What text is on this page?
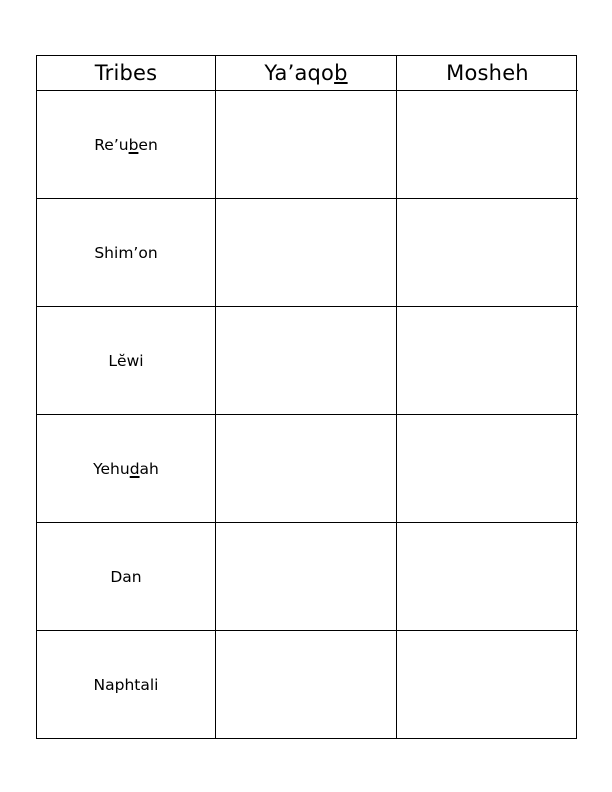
Tribes	Ya’aqob	Mosheh
Re’uben
Shim’on
Lĕwi
Yehudah
Dan
Naphtali
